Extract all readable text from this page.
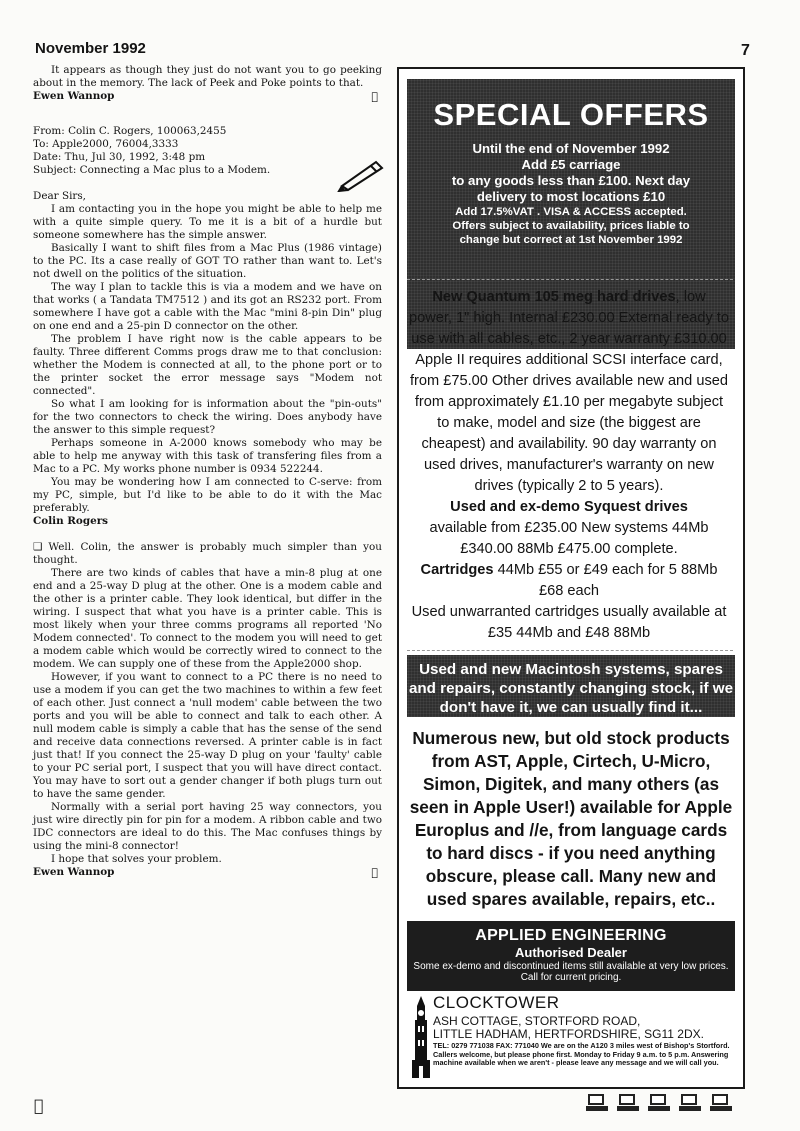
November 1992	7

It appears as though they just do not want you to go peeking about in the memory. The lack of Peek and Poke points to that.

Ewen Wannop

From: Colin C. Rogers, 100063,2455

To: Apple2000, 76004,3333

Date: Thu, Jul 30, 1992, 3:48 pm

Subject: Connecting a Mac plus to a Modem.

Dear Sirs,

I am contacting you in the hope you might be able to help me with a quite simple query. To me it is a bit of a hurdle but someone somewhere has the simple answer.

Basically I want to shift files from a Mac Plus (1986 vintage) to the PC. Its a case really of GOT TO rather than want to. Let's not dwell on the politics of the situation.

The way I plan to tackle this is via a modem and we have on that works ( a Tandata TM7512 ) and its got an RS232 port. From somewhere I have got a cable with the Mac "mini 8-pin Din" plug on one end and a 25-pin D connector on the other.

The problem I have right now is the cable appears to be faulty. Three different Comms progs draw me to that conclusion: whether the Modem is connected at all, to the phone port or to the printer socket the error message says "Modem not connected".

So what I am looking for is information about the "pin-outs" for the two connectors to check the wiring. Does anybody have the answer to this simple request?

Perhaps someone in A-2000 knows somebody who may be able to help me anyway with this task of transfering files from a Mac to a PC. My works phone number is 0934 522244.

You may be wondering how I am connected to C-serve: from my PC, simple, but I'd like to be able to do it with the Mac preferably.

Colin Rogers

❑ Well. Colin, the answer is probably much simpler than you thought.

There are two kinds of cables that have a min-8 plug at one end and a 25-way D plug at the other. One is a modem cable and the other is a printer cable. They look identical, but differ in the wiring. I suspect that what you have is a printer cable. This is most likely when your three comms programs all reported 'No Modem connected'. To connect to the modem you will need to get a modem cable which would be correctly wired to connect to the modem. We can supply one of these from the Apple2000 shop.

However, if you want to connect to a PC there is no need to use a modem if you can get the two machines to within a few feet of each other. Just connect a 'null modem' cable between the two ports and you will be able to connect and talk to each other. A null modem cable is simply a cable that has the sense of the send and receive data connections reversed. A printer cable is in fact just that! If you connect the 25-way D plug on your 'faulty' cable to your PC serial port, I suspect that you will have direct contact. You may have to sort out a gender changer if both plugs turn out to have the same gender.

Normally with a serial port having 25 way connectors, you just wire directly pin for pin for a modem. A ribbon cable and two IDC connectors are ideal to do this. The Mac confuses things by using the mini-8 connector!

I hope that solves your problem.

Ewen Wannop

SPECIAL OFFERS
Until the end of November 1992
Add £5 carriage
to any goods less than £100. Next day
delivery to most locations £10
Add 17.5%VAT . VISA & ACCESS accepted.
Offers subject to availability, prices liable to
change but correct at 1st November 1992
New Quantum 105 meg hard drives, low power, 1" high. Internal £230.00 External ready to use with all cables, etc., 2 year warranty £310.00 Apple II requires additional SCSI interface card, from £75.00 Other drives available new and used from approximately £1.10 per megabyte subject to make, model and size (the biggest are cheapest) and availability. 90 day warranty on used drives, manufacturer's warranty on new drives (typically 2 to 5 years).
Used and ex-demo Syquest drives
available from £235.00 New systems 44Mb £340.00 88Mb £475.00 complete.
Cartridges 44Mb £55 or £49 each for 5 88Mb £68 each
Used unwarranted cartridges usually available at £35 44Mb and £48 88Mb
Used and new Macintosh systems, spares and repairs, constantly changing stock, if we don't have it, we can usually find it...
Numerous new, but old stock products from AST, Apple, Cirtech, U-Micro, Simon, Digitek, and many others (as seen in Apple User!) available for Apple Europlus and //e, from language cards to hard discs - if you need anything obscure, please call. Many new and used spares available, repairs, etc..
APPLIED ENGINEERING
Authorised Dealer
Some ex-demo and discontinued items still available at very low prices. Call for current pricing.
CLOCKTOWER
ASH COTTAGE, STORTFORD ROAD,
LITTLE HADHAM, HERTFORDSHIRE, SG11 2DX.
TEL: 0279 771038 FAX: 771040 We are on the A120 3 miles west of Bishop's Stortford. Callers welcome, but please phone first. Monday to Friday 9 a.m. to 5 p.m. Answering machine available when we aren't - please leave any message and we will call you.
